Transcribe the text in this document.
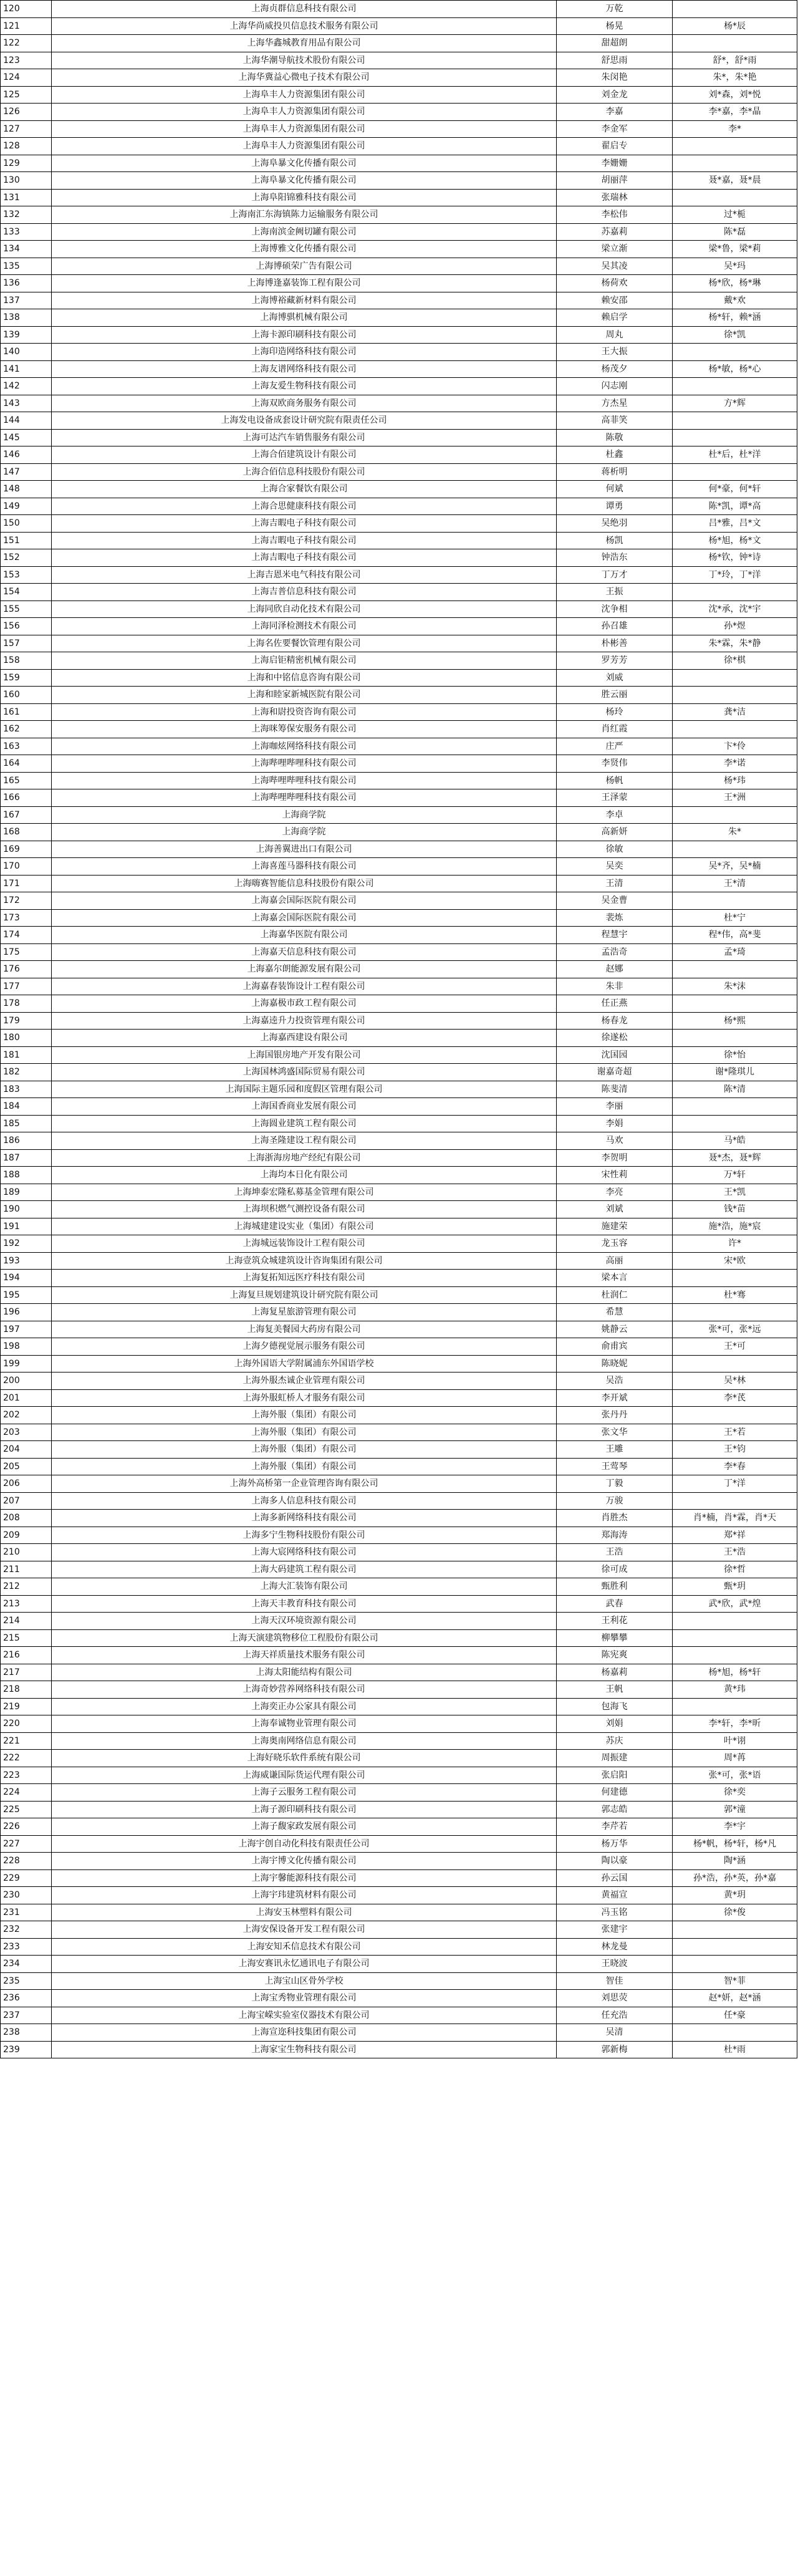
120	上海贞群信息科技有限公司	万乾	
121	上海华尚威投贝信息技术服务有限公司	杨晃	杨*辰
122	上海华鑫城教育用品有限公司	甜超朗	
123	上海华潮导航技术股份有限公司	舒思雨	舒*，舒*雨
124	上海华冀益心微电子技术有限公司	朱闵艳	朱*，朱*艳
125	上海阜丰人力资源集团有限公司	刘金龙	刘*森，刘*悦
126	上海阜丰人力资源集团有限公司	李嘉	李*嘉，李*晶
127	上海阜丰人力资源集团有限公司	李金军	李*
128	上海阜丰人力资源集团有限公司	翟启专	
129	上海阜暴文化传播有限公司	李姗姗	
130	上海阜暴文化传播有限公司	胡丽萍	聂*嘉，聂*晨
131	上海阜阳锦雅科技有限公司	张瑞林	
132	上海南汇东海镇陈力运输服务有限公司	李松伟	过*栀
133	上海南滨金阙切罐有限公司	苏嘉莉	陈*磊
134	上海博雅文化传播有限公司	梁立渐	梁*鲁，梁*莉
135	上海博硕荣广告有限公司	吴其凌	吴*玛
136	上海博逢嘉装饰工程有限公司	杨荷欢	杨*欣，杨*琳
137	上海博裕藏新材料有限公司	赖安邵	戴*欢
138	上海博骐机械有限公司	赖启学	杨*轩，赖*涵
139	上海卡源印刷科技有限公司	周丸	徐*凯
140	上海印造网络科技有限公司	王大振	
141	上海友谱网络科技有限公司	杨茂夕	杨*敏，杨*心
142	上海友爱生物科技有限公司	闪志刚	
143	上海双欧商务服务有限公司	方杰星	方*辉
144	上海发电设备成套设计研究院有限责任公司	高菲笑	
145	上海可达汽车销售服务有限公司	陈敬	
146	上海合佰建筑设计有限公司	杜鑫	杜*后，杜*洋
147	上海合佰信息科技股份有限公司	蒋析明	
148	上海合家餐饮有限公司	何斌	何*豪，何*轩
149	上海合思健康科技有限公司	谭勇	陈*凯，谭*高
150	上海吉暇电子科技有限公司	吴绝羽	吕*雅，吕*文
151	上海吉暇电子科技有限公司	杨凯	杨*旭，杨*文
152	上海吉暇电子科技有限公司	钟浩东	杨*钦，钟*诗
153	上海吉恩米电气科技有限公司	丁万才	丁*玲，丁*洋
154	上海吉普信息科技有限公司	王振	
155	上海同欣自动化技术有限公司	沈争相	沈*承，沈*宇
156	上海同泽检测技术有限公司	孙召雄	孙*煜
157	上海名佐要餐饮管理有限公司	朴彬善	朱*霖，朱*静
158	上海启钜精密机械有限公司	罗芳芳	徐*棋
159	上海和中铭信息咨询有限公司	刘威	
160	上海和睦家新城医院有限公司	胜云丽	
161	上海和尉投资咨询有限公司	杨玲	龚*洁
162	上海咪筹保安服务有限公司	肖红霞	
163	上海咖炫网络科技有限公司	庄严	卞*伶
164	上海哔哩哔哩科技有限公司	李贤伟	李*诺
165	上海哔哩哔哩科技有限公司	杨帆	杨*玮
166	上海哔哩哔哩科技有限公司	王泽蒙	王*洲
167	上海商学院	李卓	
168	上海商学院	高新妍	朱*
169	上海善翼进出口有限公司	徐敏	
170	上海喜莲马器科技有限公司	吴奕	吴*齐，吴*楠
171	上海嗨赛智能信息科技股份有限公司	王清	王*清
172	上海嘉会国际医院有限公司	吴金曹	
173	上海嘉会国际医院有限公司	裴炼	杜*宁
174	上海嘉华医院有限公司	程慧宇	程*伟，高*斐
175	上海嘉天信息科技有限公司	孟浩奇	孟*琦
176	上海嘉尔朗能源发展有限公司	赵娜	
177	上海嘉春装饰设计工程有限公司	朱非	朱*沫
178	上海嘉极市政工程有限公司	任正燕	
179	上海嘉逵升力投资管理有限公司	杨春龙	杨*熙
180	上海嘉西建设有限公司	徐遂松	
181	上海国银房地产开发有限公司	沈国园	徐*怡
182	上海国林鸿盛国际贸易有限公司	谢嘉奇超	谢*隆琪儿
183	上海国际主题乐园和度假区管理有限公司	陈斐清	陈*清
184	上海国香商业发展有限公司	李丽	
185	上海圆业建筑工程有限公司	李娟	
186	上海圣隆建设工程有限公司	马欢	马*皓
187	上海浙海房地产经纪有限公司	李贺明	聂*杰，聂*辉
188	上海均本日化有限公司	宋性莉	万*轩
189	上海坤泰宏隆私募基金管理有限公司	李亮	王*凯
190	上海坝积燃气测控设备有限公司	刘斌	钱*苗
191	上海城建建设实业（集团）有限公司	施建荣	施*浩，施*宸
192	上海城远装饰设计工程有限公司	龙玉容	许*
193	上海壹筑众城建筑设计咨询集团有限公司	高丽	宋*欧
194	上海复拓知远医疗科技有限公司	梁本言	
195	上海复旦规划建筑设计研究院有限公司	杜润仁	杜*骞
196	上海复星旅游管理有限公司	希慧	
197	上海复美餐园大药房有限公司	姚静云	张*可，张*远
198	上海夕德视觉展示服务有限公司	俞甫宾	王*可
199	上海外国语大学附属浦东外国语学校	陈晓妮	
200	上海外服杰诚企业管理有限公司	吴浩	吴*林
201	上海外服虹桥人才服务有限公司	李开斌	李*芪
202	上海外服（集团）有限公司	张丹丹	
203	上海外服（集团）有限公司	张文华	王*若
204	上海外服（集团）有限公司	王雕	王*钧
205	上海外服（集团）有限公司	王莺琴	李*春
206	上海外高桥第一企业管理咨询有限公司	丁毅	丁*洋
207	上海多人信息科技有限公司	万骏	
208	上海多新网络科技有限公司	肖胜杰	肖*楠，肖*霖，肖*天
209	上海多宁生物科技股份有限公司	郑海涛	郑*祥
210	上海大宸网络科技有限公司	王浩	王*浩
211	上海大码建筑工程有限公司	徐可成	徐*哲
212	上海大汇装饰有限公司	甄胜利	甄*玥
213	上海天丰教育科技有限公司	武春	武*欣，武*煌
214	上海天汉环境资源有限公司	王利花	
215	上海天演建筑物移位工程股份有限公司	柳攀攀	
216	上海天祥质量技术服务有限公司	陈宪爽	
217	上海太阳能结构有限公司	杨嘉莉	杨*旭，杨*轩
218	上海奇妙营养网络科技有限公司	王帆	黄*玮
219	上海奕正办公家具有限公司	包海飞	
220	上海奉诚物业管理有限公司	刘娟	李*轩，李*昕
221	上海奥南网络信息有限公司	苏庆	叶*诩
222	上海好晓乐软件系统有限公司	周振建	周*苒
223	上海威谦国际货运代理有限公司	张启阳	张*可，张*语
224	上海子云服务工程有限公司	何建德	徐*奕
225	上海子源印刷科技有限公司	郭志皓	郭*潼
226	上海子馥家政发展有限公司	李芹若	李*宇
227	上海宇创自动化科技有限责任公司	杨万华	杨*帆，杨*轩，杨*凡
228	上海宇博文化传播有限公司	陶以豪	陶*涵
229	上海宇馨能源科技有限公司	孙云国	孙*浩，孙*英，孙*嘉
230	上海宇玮建筑材料有限公司	黄福宣	黄*玥
231	上海安玉林塑料有限公司	冯玉铭	徐*俊
232	上海安保设备开发工程有限公司	张建宇	
233	上海安知禾信息技术有限公司	林龙曼	
234	上海安赛讯永忆通讯电子有限公司	王晓波	
235	上海宝山区骨外学校	智佳	智*菲
236	上海宝秀物业管理有限公司	刘思荧	赵*妍，赵*涵
237	上海宝嵘实验室仪器技术有限公司	任充浩	任*豪
238	上海宣迩科技集团有限公司	吴清	
239	上海家宝生物科技有限公司	郭新梅	杜*雨
